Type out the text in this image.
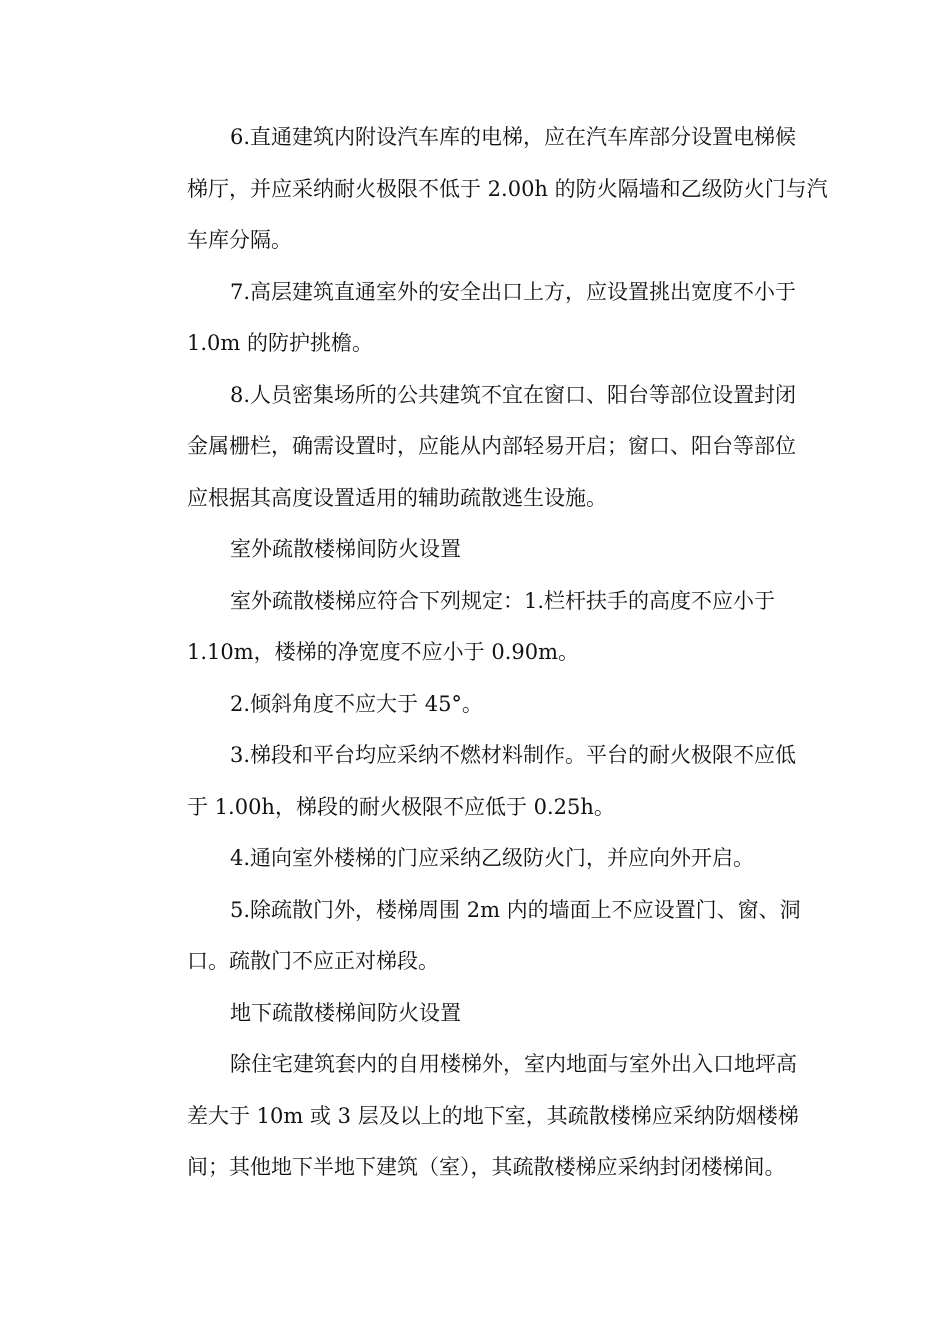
6.直通建筑内附设汽车库的电梯，应在汽车库部分设置电梯候
梯厅，并应采纳耐火极限不低于 2.00h 的防火隔墙和乙级防火门与汽
车库分隔。
7.高层建筑直通室外的安全出口上方，应设置挑出宽度不小于
1.0m 的防护挑檐。
8.人员密集场所的公共建筑不宜在窗口、阳台等部位设置封闭
金属栅栏，确需设置时，应能从内部轻易开启；窗口、阳台等部位
应根据其高度设置适用的辅助疏散逃生设施。
室外疏散楼梯间防火设置
室外疏散楼梯应符合下列规定：1.栏杆扶手的高度不应小于
1.10m，楼梯的净宽度不应小于 0.90m。
2.倾斜角度不应大于 45°。
3.梯段和平台均应采纳不燃材料制作。平台的耐火极限不应低
于 1.00h，梯段的耐火极限不应低于 0.25h。
4.通向室外楼梯的门应采纳乙级防火门，并应向外开启。
5.除疏散门外，楼梯周围 2m 内的墙面上不应设置门、窗、洞
口。疏散门不应正对梯段。
地下疏散楼梯间防火设置
除住宅建筑套内的自用楼梯外，室内地面与室外出入口地坪高
差大于 10m 或 3 层及以上的地下室，其疏散楼梯应采纳防烟楼梯
间；其他地下半地下建筑（室），其疏散楼梯应采纳封闭楼梯间。
